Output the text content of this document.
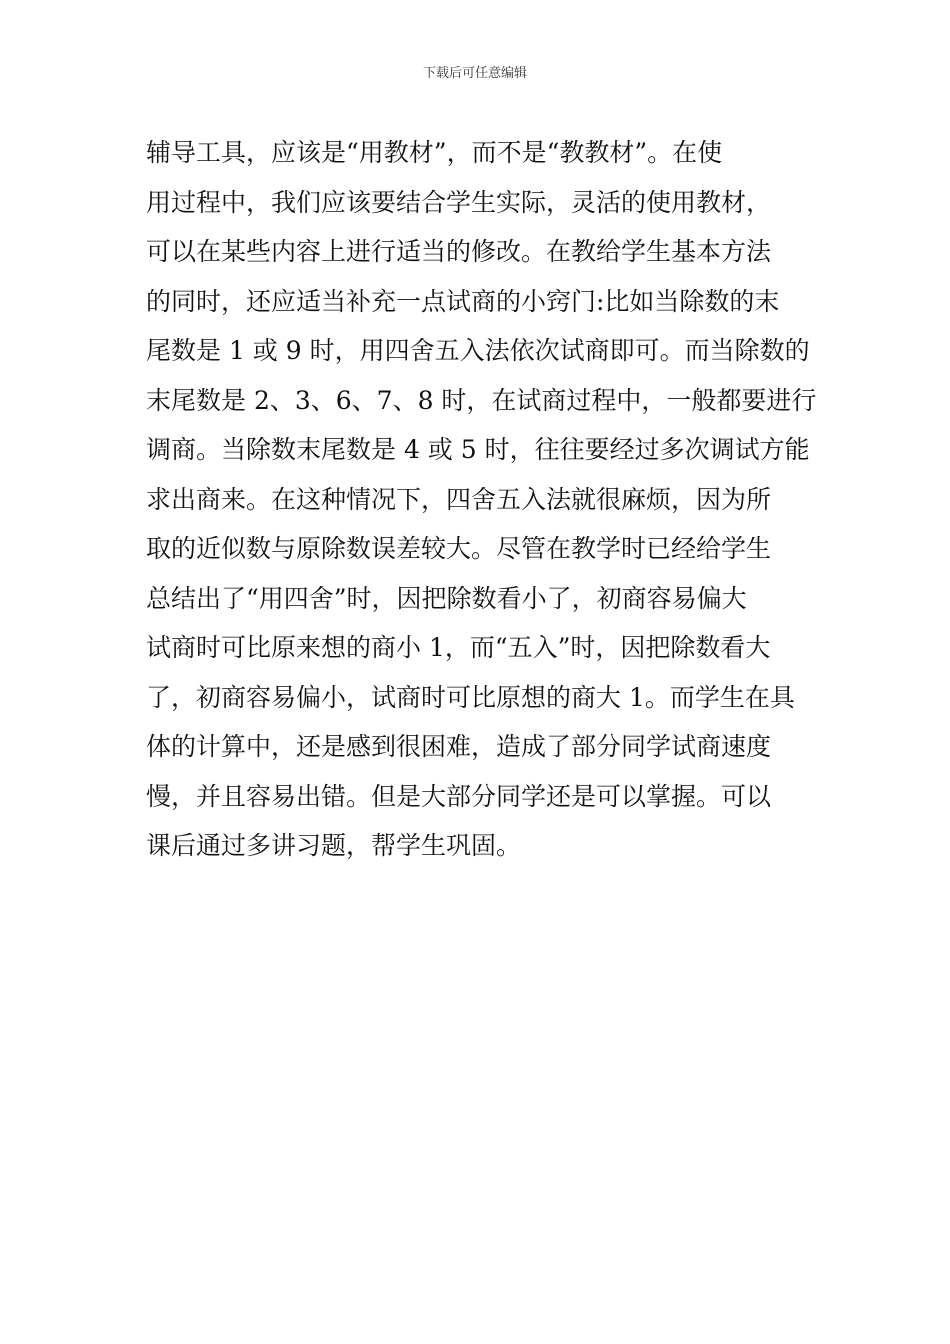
下载后可任意编辑
辅导工具，应该是“用教材”，而不是“教教材”。在使
用过程中，我们应该要结合学生实际，灵活的使用教材，
可以在某些内容上进行适当的修改。在教给学生基本方法
的同时，还应适当补充一点试商的小窍门:比如当除数的末
尾数是 1 或 9 时，用四舍五入法依次试商即可。而当除数的
末尾数是 2、3、6、7、8 时，在试商过程中，一般都要进行
调商。当除数末尾数是 4 或 5 时，往往要经过多次调试方能
求出商来。在这种情况下，四舍五入法就很麻烦，因为所
取的近似数与原除数误差较大。尽管在教学时已经给学生
总结出了“用四舍”时，因把除数看小了，初商容易偏大
试商时可比原来想的商小 1，而“五入”时，因把除数看大
了，初商容易偏小，试商时可比原想的商大 1。而学生在具
体的计算中，还是感到很困难，造成了部分同学试商速度
慢，并且容易出错。但是大部分同学还是可以掌握。可以
课后通过多讲习题，帮学生巩固。
